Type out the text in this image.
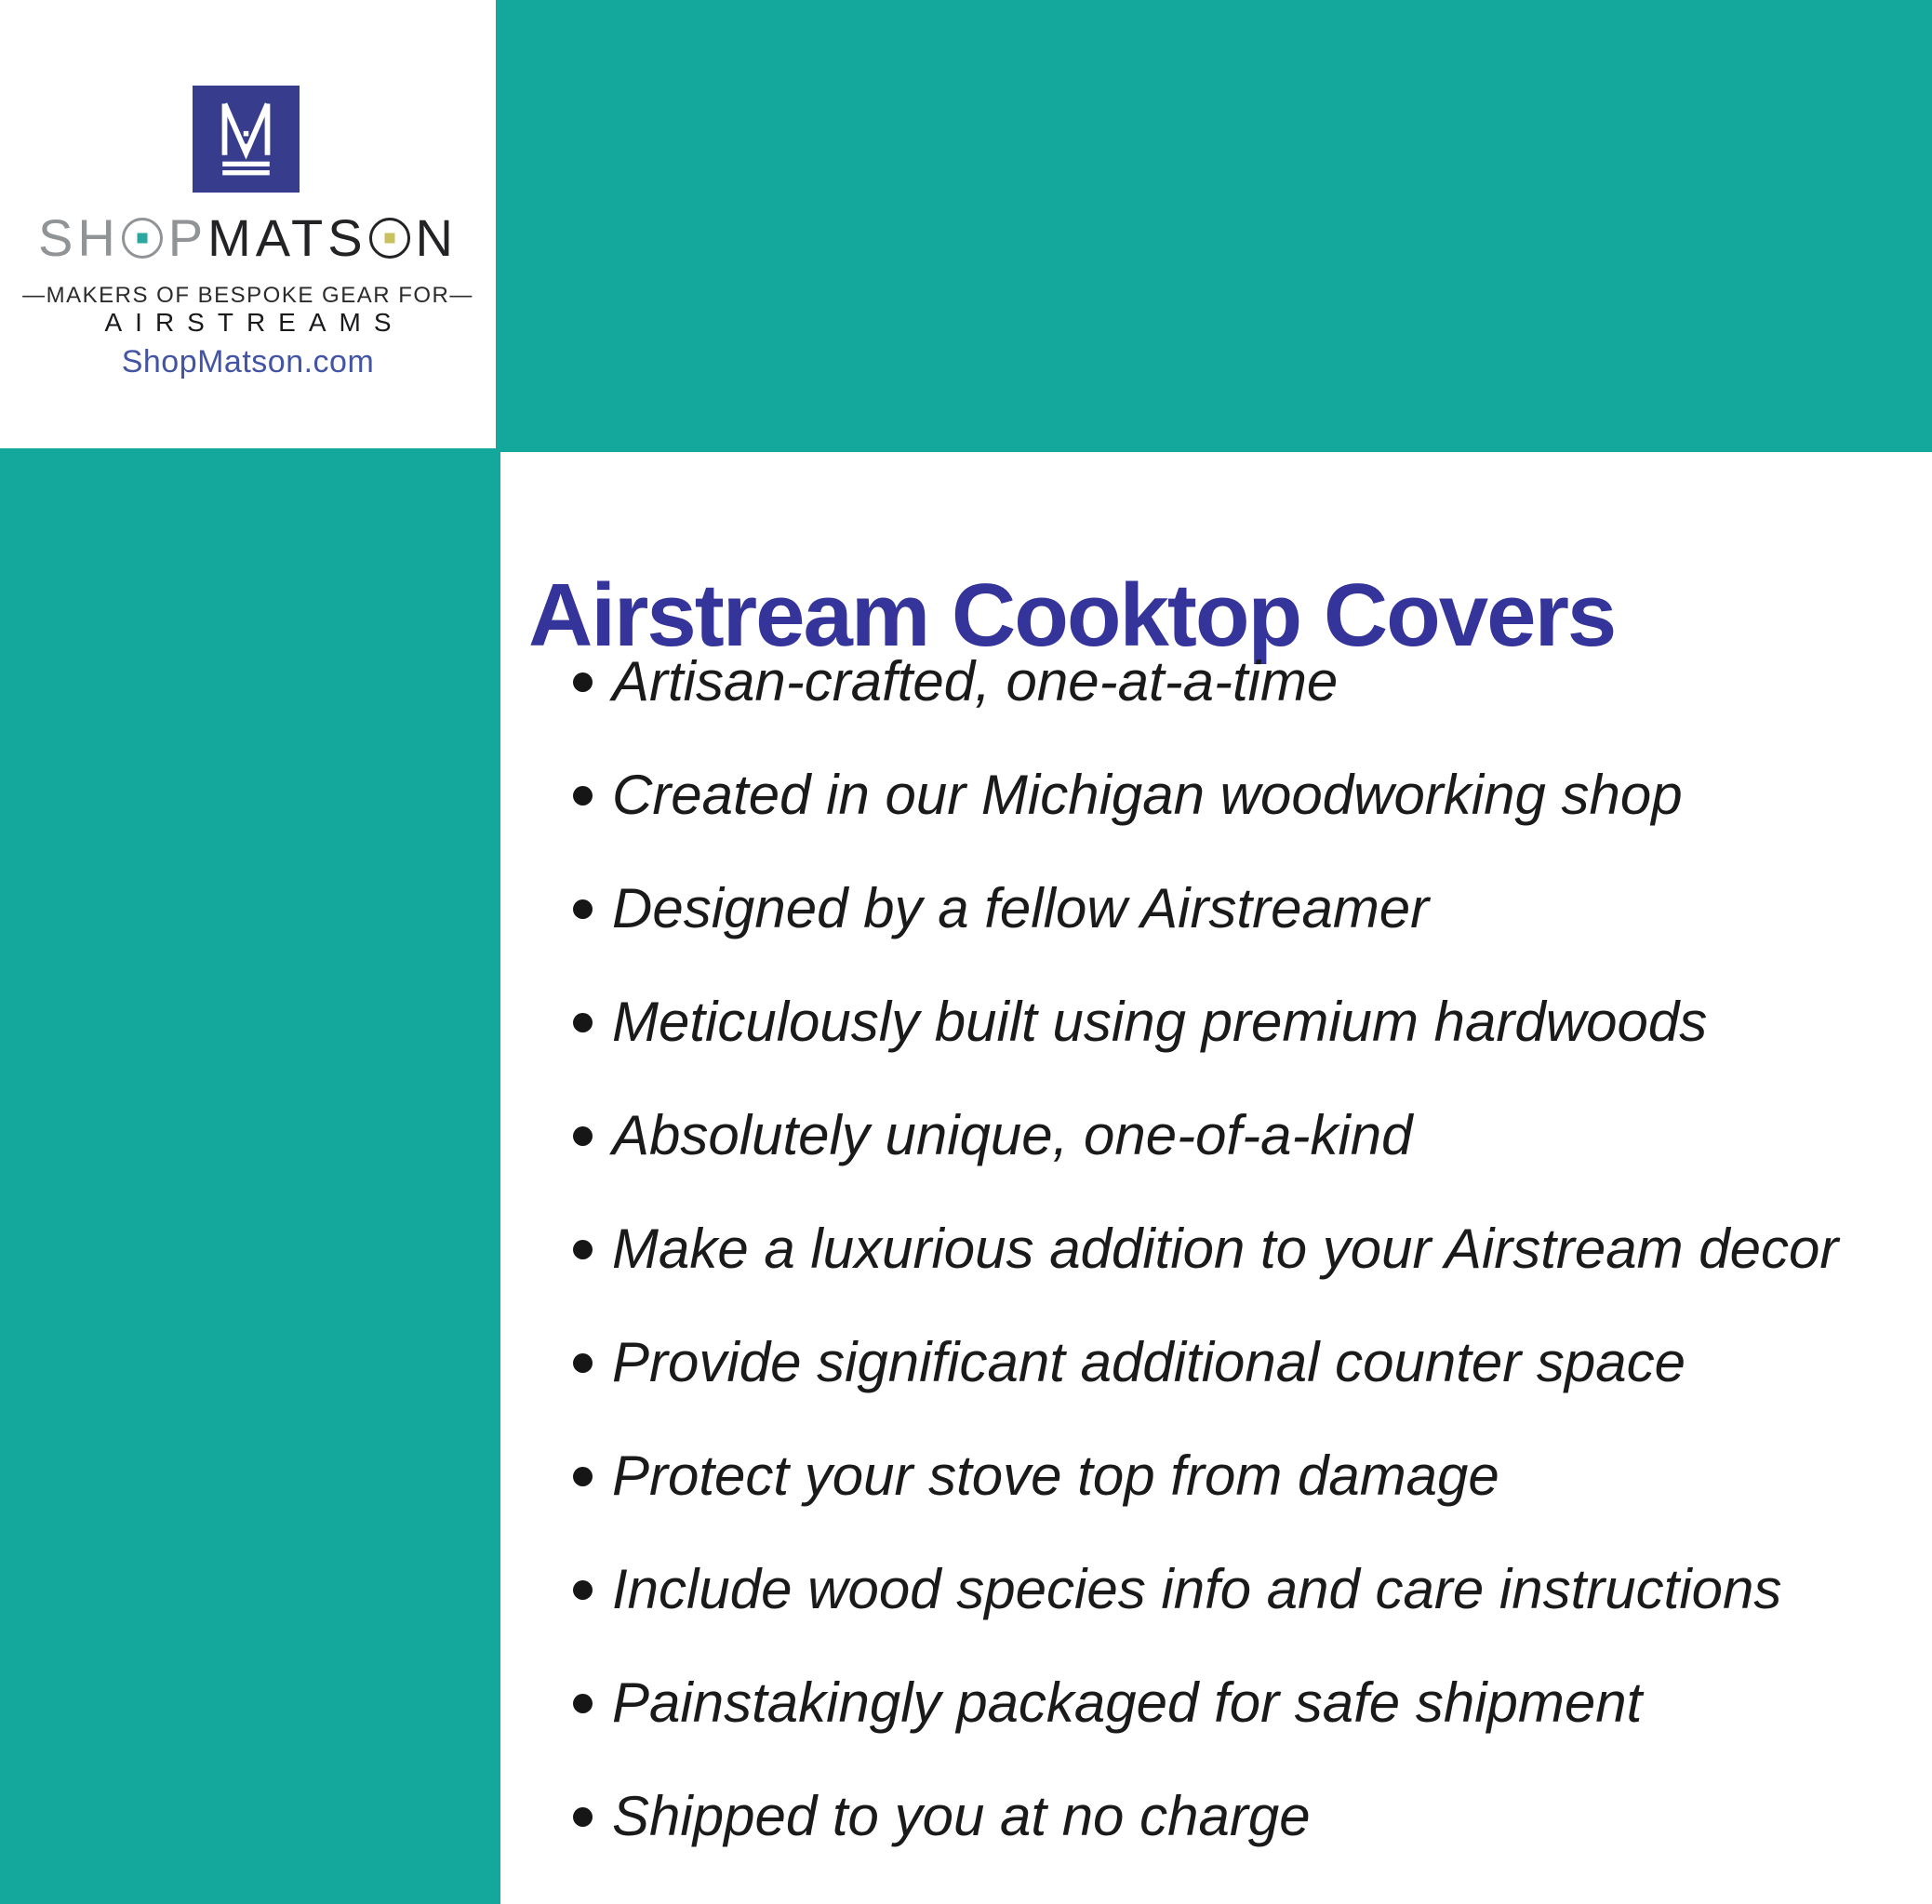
SH P MATS N
—MAKERS OF BESPOKE GEAR FOR—
AIRSTREAMS
ShopMatson.com
Airstream Cooktop Covers
Artisan-crafted, one-at-a-time
Created in our Michigan woodworking shop
Designed by a fellow Airstreamer
Meticulously built using premium hardwoods
Absolutely unique, one-of-a-kind
Make a luxurious addition to your Airstream decor
Provide significant additional counter space
Protect your stove top from damage
Include wood species info and care instructions
Painstakingly packaged for safe shipment
Shipped to you at no charge
